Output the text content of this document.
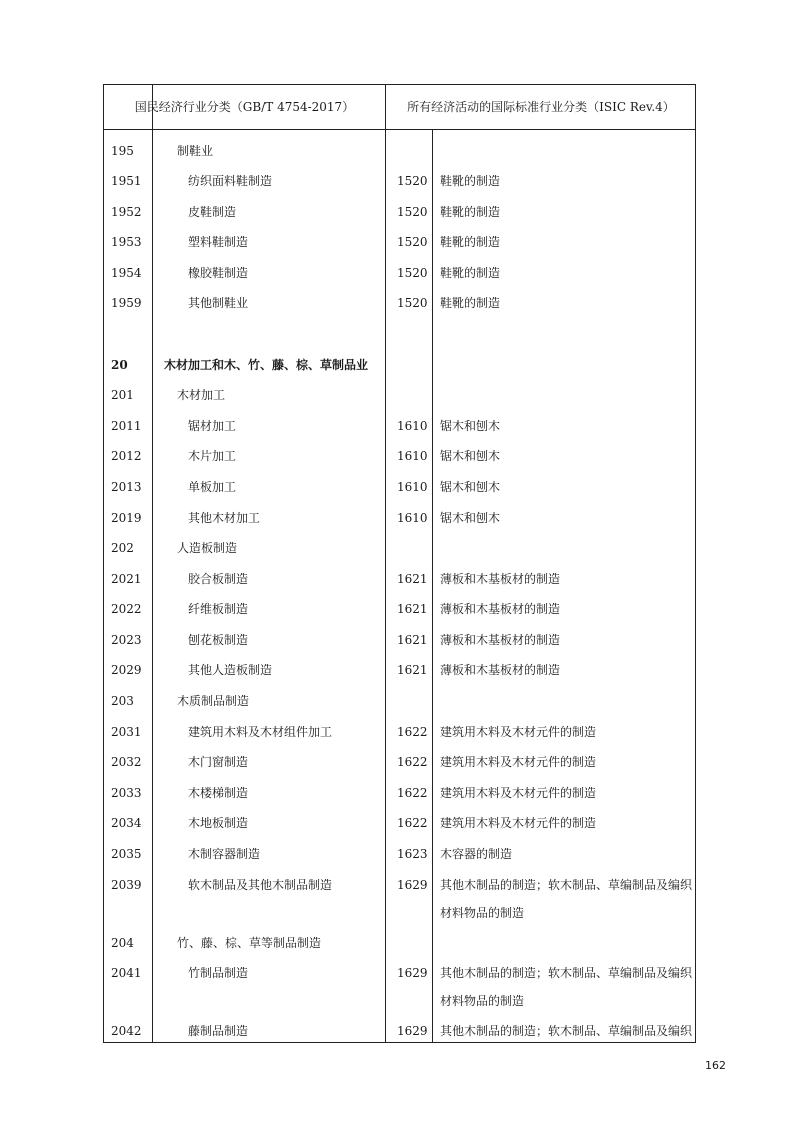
国民经济行业分类（GB/T 4754-2017）	所有经济活动的国际标准行业分类（ISIC Rev.4）
195	制鞋业
1951	纺织面料鞋制造	1520 鞋靴的制造
1952	皮鞋制造	1520 鞋靴的制造
1953	塑料鞋制造	1520 鞋靴的制造
1954	橡胶鞋制造	1520 鞋靴的制造
1959	其他制鞋业	1520 鞋靴的制造
20	木材加工和木、竹、藤、棕、草制品业
201	木材加工
2011	锯材加工	1610 锯木和刨木
2012	木片加工	1610 锯木和刨木
2013	单板加工	1610 锯木和刨木
2019	其他木材加工	1610 锯木和刨木
202	人造板制造
2021	胶合板制造	1621 薄板和木基板材的制造
2022	纤维板制造	1621 薄板和木基板材的制造
2023	刨花板制造	1621 薄板和木基板材的制造
2029	其他人造板制造	1621 薄板和木基板材的制造
203	木质制品制造
2031	建筑用木料及木材组件加工	1622 建筑用木料及木材元件的制造
2032	木门窗制造	1622 建筑用木料及木材元件的制造
2033	木楼梯制造	1622 建筑用木料及木材元件的制造
2034	木地板制造	1622 建筑用木料及木材元件的制造
2035	木制容器制造	1623 木容器的制造
2039	软木制品及其他木制品制造	1629 其他木制品的制造；软木制品、草编制品及编织材料物品的制造
204	竹、藤、棕、草等制品制造
2041	竹制品制造	1629 其他木制品的制造；软木制品、草编制品及编织材料物品的制造
2042	藤制品制造	1629 其他木制品的制造；软木制品、草编制品及编织
162
